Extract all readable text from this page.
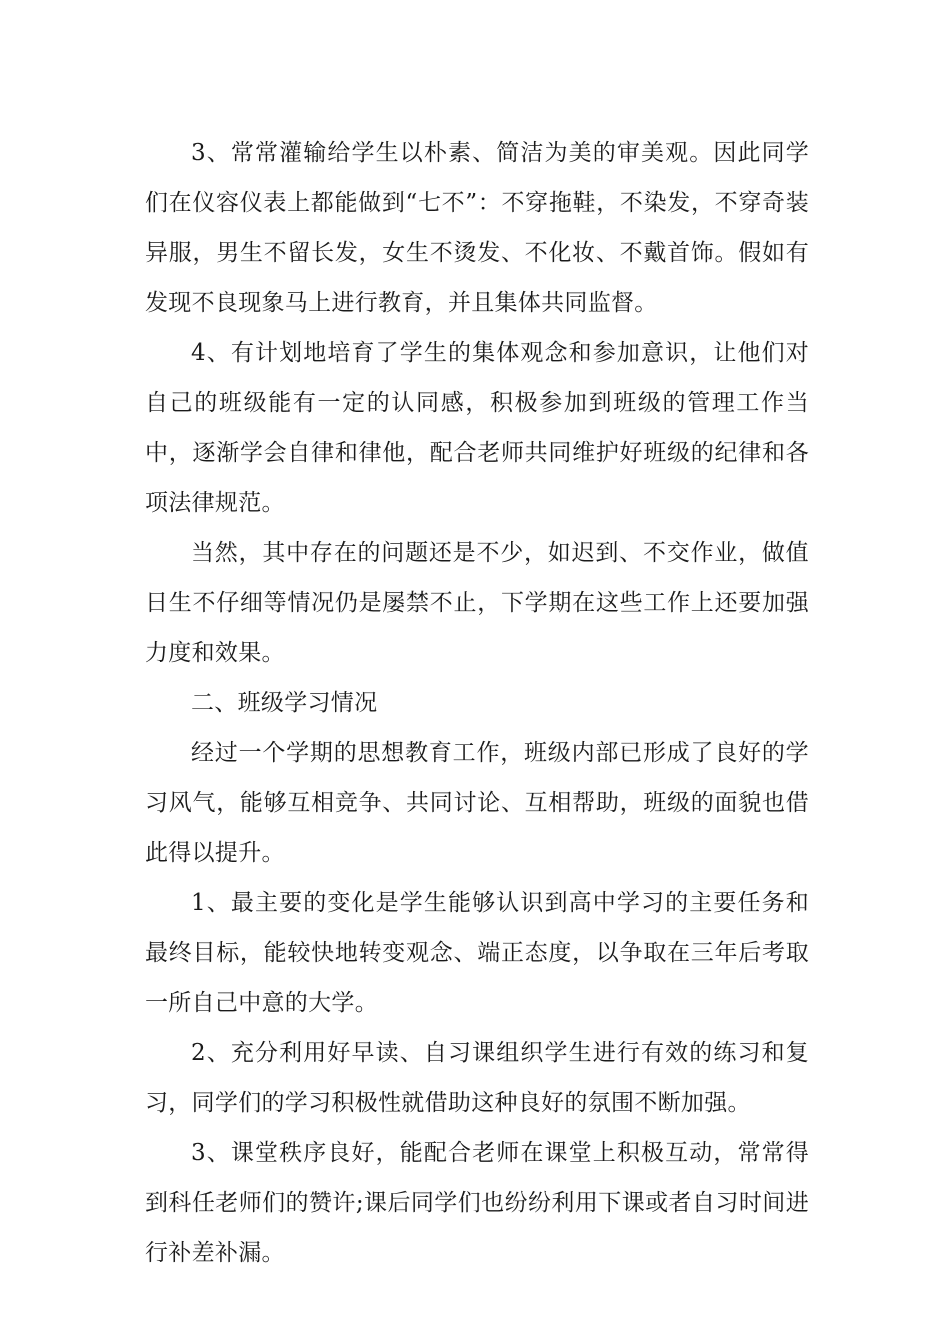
3、常常灌输给学生以朴素、简洁为美的审美观。因此同学们在仪容仪表上都能做到“七不”：不穿拖鞋，不染发，不穿奇装异服，男生不留长发，女生不烫发、不化妆、不戴首饰。假如有发现不良现象马上进行教育，并且集体共同监督。

4、有计划地培育了学生的集体观念和参加意识，让他们对自己的班级能有一定的认同感，积极参加到班级的管理工作当中，逐渐学会自律和律他，配合老师共同维护好班级的纪律和各项法律规范。

当然，其中存在的问题还是不少，如迟到、不交作业，做值日生不仔细等情况仍是屡禁不止，下学期在这些工作上还要加强力度和效果。

二、班级学习情况

经过一个学期的思想教育工作，班级内部已形成了良好的学习风气，能够互相竞争、共同讨论、互相帮助，班级的面貌也借此得以提升。

1、最主要的变化是学生能够认识到高中学习的主要任务和最终目标，能较快地转变观念、端正态度，以争取在三年后考取一所自己中意的大学。

2、充分利用好早读、自习课组织学生进行有效的练习和复习，同学们的学习积极性就借助这种良好的氛围不断加强。

3、课堂秩序良好，能配合老师在课堂上积极互动，常常得到科任老师们的赞许;课后同学们也纷纷利用下课或者自习时间进行补差补漏。
